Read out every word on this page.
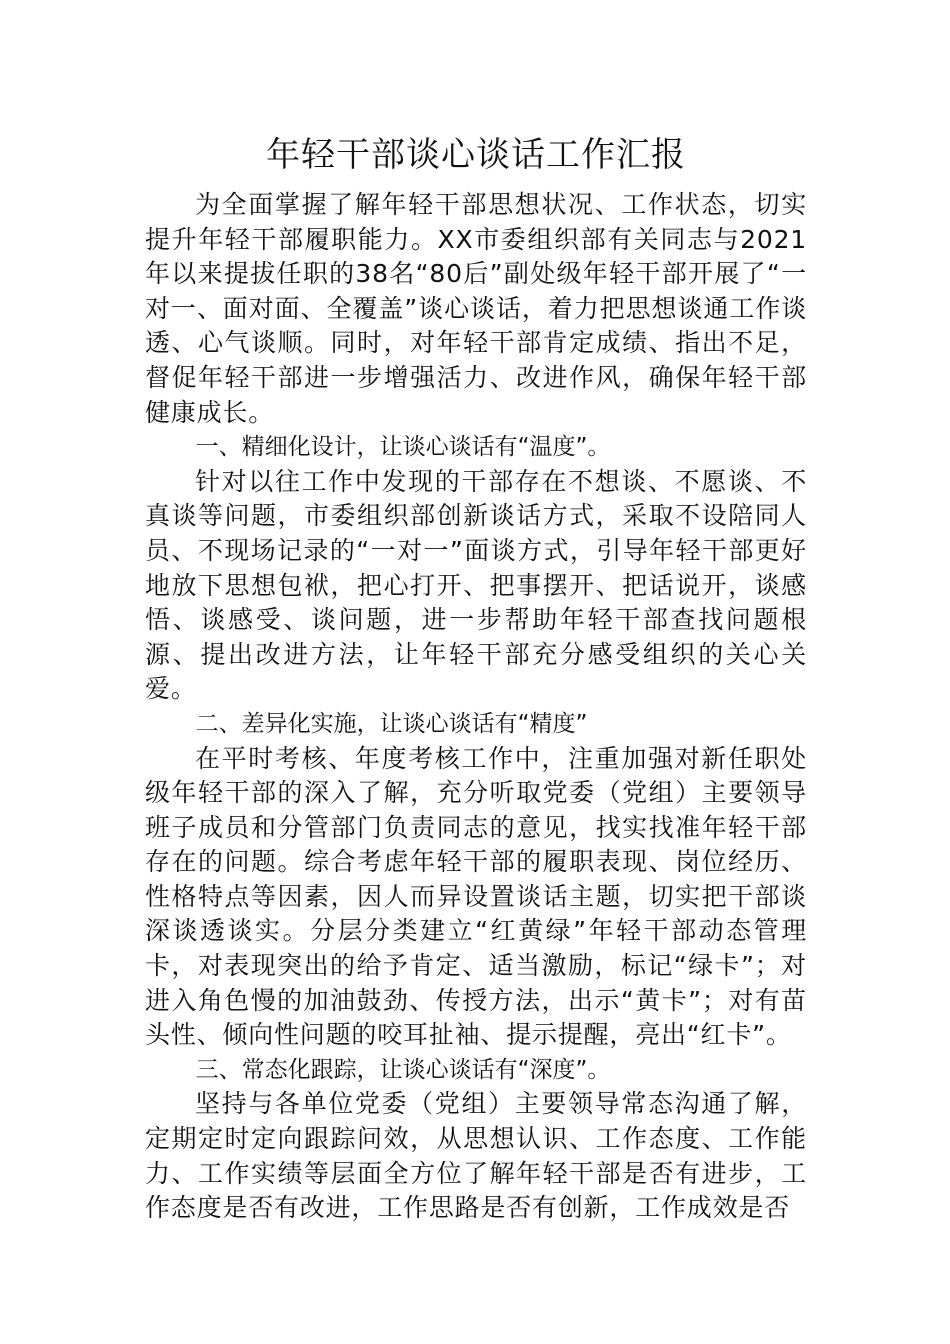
年轻干部谈心谈话工作汇报

为全面掌握了解年轻干部思想状况、工作状态，切实提升年轻干部履职能力。XX市委组织部有关同志与2021年以来提拔任职的38名“80后”副处级年轻干部开展了“一对一、面对面、全覆盖”谈心谈话，着力把思想谈通工作谈透、心气谈顺。同时，对年轻干部肯定成绩、指出不足，督促年轻干部进一步增强活力、改进作风，确保年轻干部健康成长。

一、精细化设计，让谈心谈话有“温度”。

针对以往工作中发现的干部存在不想谈、不愿谈、不真谈等问题，市委组织部创新谈话方式，采取不设陪同人员、不现场记录的“一对一”面谈方式，引导年轻干部更好地放下思想包袱，把心打开、把事摆开、把话说开，谈感悟、谈感受、谈问题，进一步帮助年轻干部查找问题根源、提出改进方法，让年轻干部充分感受组织的关心关爱。

二、差异化实施，让谈心谈话有“精度”

在平时考核、年度考核工作中，注重加强对新任职处级年轻干部的深入了解，充分听取党委（党组）主要领导班子成员和分管部门负责同志的意见，找实找准年轻干部存在的问题。综合考虑年轻干部的履职表现、岗位经历、性格特点等因素，因人而异设置谈话主题，切实把干部谈深谈透谈实。分层分类建立“红黄绿”年轻干部动态管理卡，对表现突出的给予肯定、适当激励，标记“绿卡”；对进入角色慢的加油鼓劲、传授方法，出示“黄卡”；对有苗头性、倾向性问题的咬耳扯袖、提示提醒，亮出“红卡”。

三、常态化跟踪，让谈心谈话有“深度”。

坚持与各单位党委（党组）主要领导常态沟通了解，定期定时定向跟踪问效，从思想认识、工作态度、工作能力、工作实绩等层面全方位了解年轻干部是否有进步，工作态度是否有改进，工作思路是否有创新，工作成效是否
